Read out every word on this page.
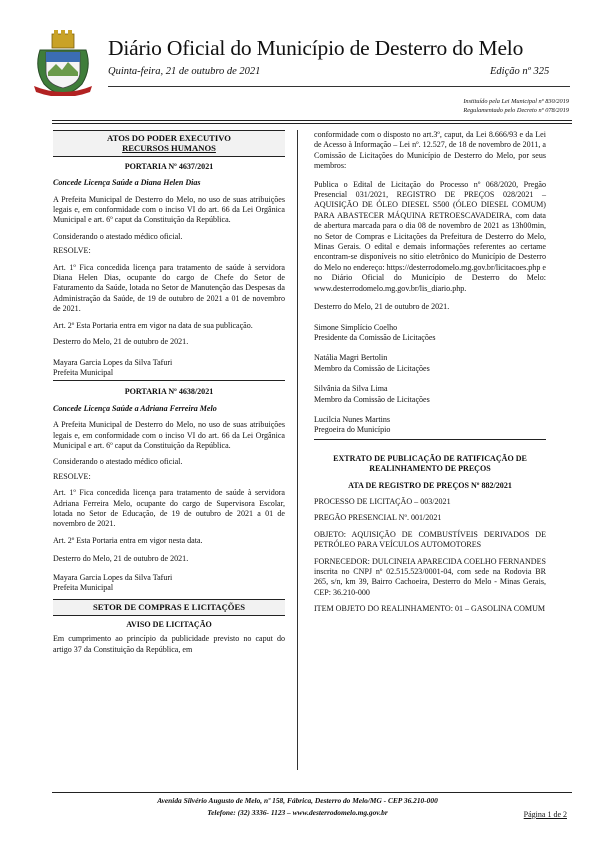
Diário Oficial do Município de Desterro do Melo
Quinta-feira, 21 de outubro de 2021	Edição nº 325
Instituído pela Lei Municipal nº 830/2019
Regulamentado pelo Decreto nº 078/2019
ATOS DO PODER EXECUTIVO
RECURSOS HUMANOS

PORTARIA Nº 4637/2021

Concede Licença Saúde a Diana Helen Dias

A Prefeita Municipal de Desterro do Melo, no uso de suas atribuições legais e, em conformidade com o inciso VI do art. 66 da Lei Orgânica Municipal e art. 6º caput da Constituição da República.

Considerando o atestado médico oficial.

RESOLVE:

Art. 1º Fica concedida licença para tratamento de saúde à servidora Diana Helen Dias, ocupante do cargo de Chefe do Setor de Faturamento da Saúde, lotada no Setor de Manutenção das Despesas da Administração da Saúde, de 19 de outubro de 2021 a 01 de novembro de 2021.

Art. 2º Esta Portaria entra em vigor na data de sua publicação.

Desterro do Melo, 21 de outubro de 2021.

Mayara Garcia Lopes da Silva Tafuri

Prefeita Municipal

PORTARIA Nº 4638/2021

Concede Licença Saúde a Adriana Ferreira Melo

A Prefeita Municipal de Desterro do Melo, no uso de suas atribuições legais e, em conformidade com o inciso VI do art. 66 da Lei Orgânica Municipal e art. 6º caput da Constituição da República.

Considerando o atestado médico oficial.

RESOLVE:

Art. 1º Fica concedida licença para tratamento de saúde à servidora Adriana Ferreira Melo, ocupante do cargo de Supervisora Escolar, lotada no Setor de Educação, de 19 de outubro de 2021 a 01 de novembro de 2021.

Art. 2º Esta Portaria entra em vigor nesta data.

Desterro do Melo, 21 de outubro de 2021.

Mayara Garcia Lopes da Silva Tafuri

Prefeita Municipal

SETOR DE COMPRAS E LICITAÇÕES

AVISO DE LICITAÇÃO

Em cumprimento ao princípio da publicidade previsto no caput do artigo 37 da Constituição da República, em

conformidade com o disposto no art.3º, caput, da Lei 8.666/93 e da Lei de Acesso à Informação – Lei nº. 12.527, de 18 de novembro de 2011, a Comissão de Licitações do Município de Desterro do Melo, por seus membros:

Publica o Edital de Licitação do Processo nº 068/2020, Pregão Presencial 031/2021, REGISTRO DE PREÇOS 028/2021 – AQUISIÇÃO DE ÓLEO DIESEL S500 (ÓLEO DIESEL COMUM) PARA ABASTECER MÁQUINA RETROESCAVADEIRA, com data de abertura marcada para o dia 08 de novembro de 2021 as 13h00min, no Setor de Compras e Licitações da Prefeitura de Desterro do Melo, Minas Gerais. O edital e demais informações referentes ao certame encontram-se disponíveis no sítio eletrônico do Município de Desterro do Melo no endereço: https://desterrodomelo.mg.gov.br/licitacoes.php e no Diário Oficial do Município de Desterro do Melo: www.desterrodomelo.mg.gov.br/lis_diario.php.

Desterro do Melo, 21 de outubro de 2021.

Simone Simplício Coelho

Presidente da Comissão de Licitações

Natália Magri Bertolin

Membro da Comissão de Licitações

Silvânia da Silva Lima

Membro da Comissão de Licitações

Lucilcia Nunes Martins

Pregoeira do Município

EXTRATO DE PUBLICAÇÃO DE RATIFICAÇÃO DE REALINHAMENTO DE PREÇOS

ATA DE REGISTRO DE PREÇOS Nº 882/2021

PROCESSO DE LICITAÇÃO – 003/2021

PREGÃO PRESENCIAL Nº. 001/2021

OBJETO: AQUISIÇÃO DE COMBUSTÍVEIS DERIVADOS DE PETRÓLEO PARA VEÍCULOS AUTOMOTORES

FORNECEDOR: DULCINEIA APARECIDA COELHO FERNANDES inscrita no CNPJ nº 02.515.523/0001-04, com sede na Rodovia BR 265, s/n, km 39, Bairro Cachoeira, Desterro do Melo - Minas Gerais, CEP: 36.210-000

ITEM OBJETO DO REALINHAMENTO: 01 – GASOLINA COMUM

Avenida Silvério Augusto de Melo, nº 158, Fábrica, Desterro do Melo/MG - CEP 36.210-000
Telefone: (32) 3336- 1123 – www.desterrodomelo.mg.gov.br	Página 1 de 2
